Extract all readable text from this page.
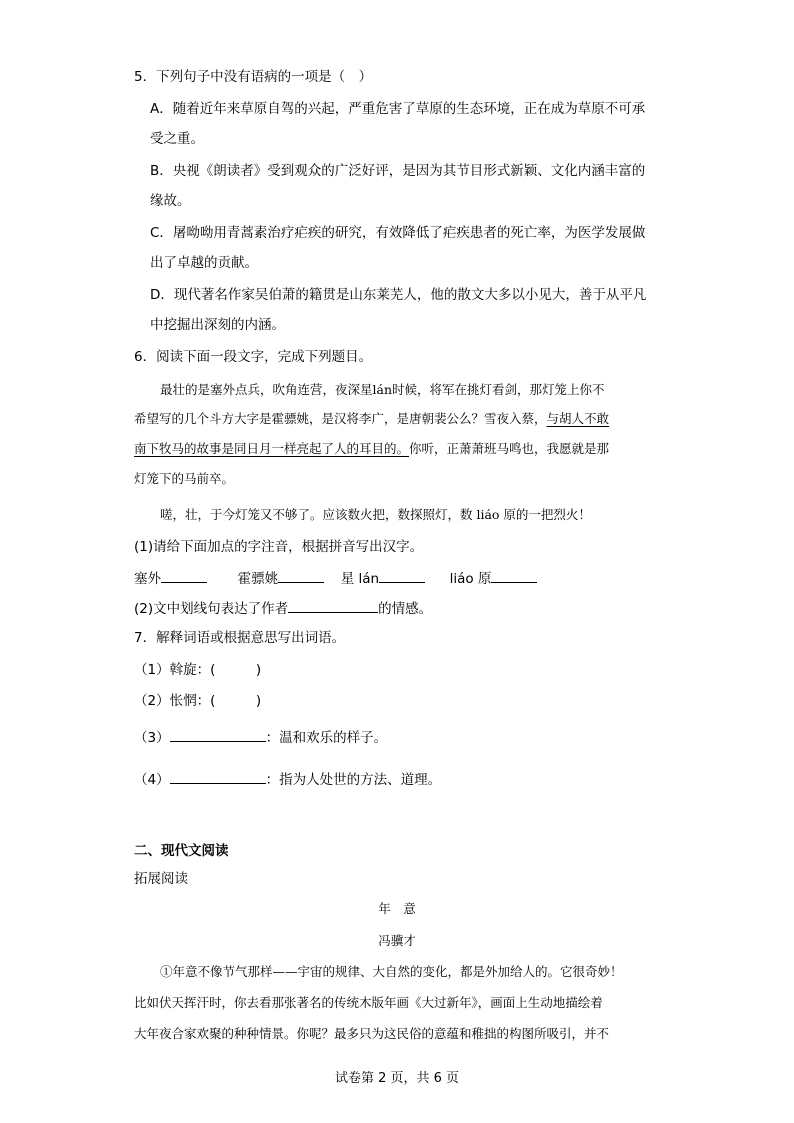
5．下列句子中没有语病的一项是（　）
A．随着近年来草原自驾的兴起，严重危害了草原的生态环境，正在成为草原不可承
受之重。
B．央视《朗读者》受到观众的广泛好评，是因为其节目形式新颖、文化内涵丰富的
缘故。
C．屠呦呦用青蒿素治疗疟疾的研究，有效降低了疟疾患者的死亡率，为医学发展做
出了卓越的贡献。
D．现代著名作家吴伯萧的籍贯是山东莱芜人，他的散文大多以小见大，善于从平凡
中挖掘出深刻的内涵。
6．阅读下面一段文字，完成下列题目。
最壮的是塞外点兵，吹角连营，夜深星lán时候，将军在挑灯看剑，那灯笼上你不
希望写的几个斗方大字是霍骠姚，是汉将李广，是唐朝裴公么？雪夜入蔡，与胡人不敢
南下牧马的故事是同日月一样亮起了人的耳目的。你听，正萧萧班马鸣也，我愿就是那
灯笼下的马前卒。
嗟，壮，于今灯笼又不够了。应该数火把，数探照灯，数 liáo 原的一把烈火！
(1)请给下面加点的字注音，根据拼音写出汉字。
塞外	霍骠姚	星 lán	liáo 原
(2)文中划线句表达了作者	的情感。
7．解释词语或根据意思写出词语。
（1）斡旋：(　　　)
（2）怅惘：(　　　)
（3）	：温和欢乐的样子。
（4）	：指为人处世的方法、道理。
二、现代文阅读
拓展阅读
年　意
冯骥才
①年意不像节气那样——宇宙的规律、大自然的变化，都是外加给人的。它很奇妙！
比如伏天挥汗时，你去看那张著名的传统木版年画《大过新年》，画面上生动地描绘着
大年夜合家欢聚的种种情景。你呢？最多只为这民俗的意蕴和稚拙的构图所吸引，并不
试卷第 2 页，共 6 页
